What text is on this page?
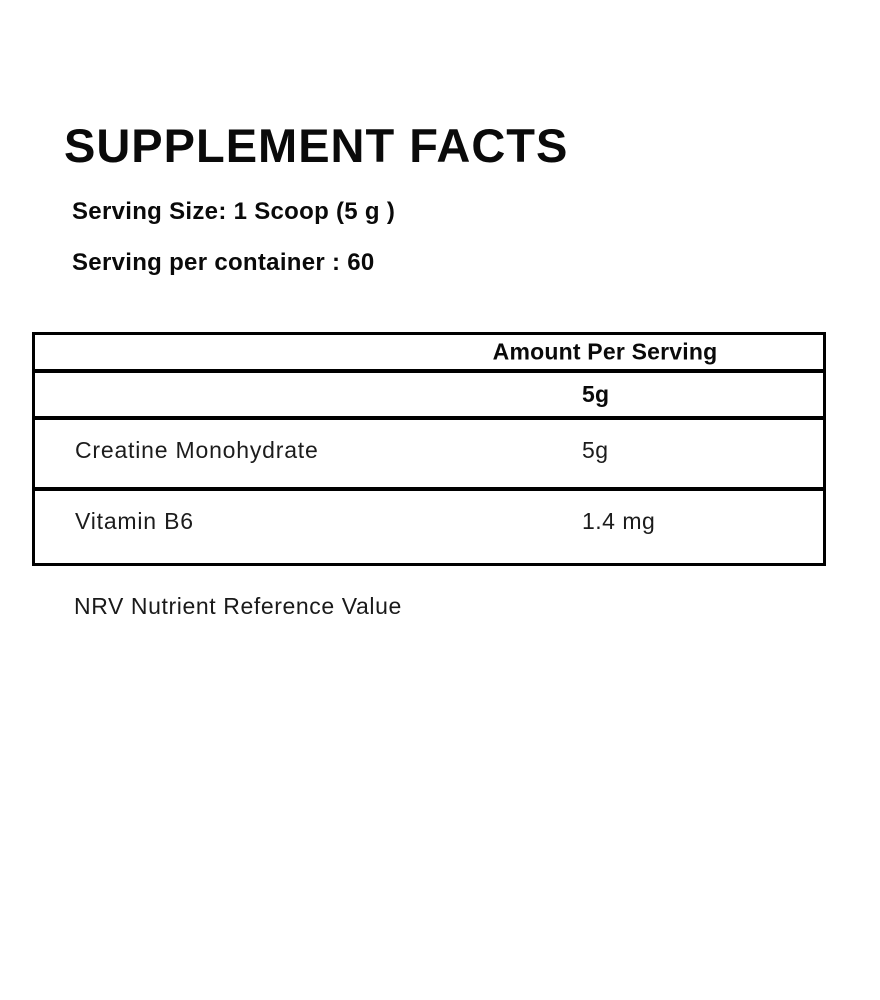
SUPPLEMENT FACTS
Serving Size: 1 Scoop (5 g )
Serving per container : 60
Amount Per Serving
5g
Creatine Monohydrate	5g
Vitamin B6	1.4 mg
NRV Nutrient Reference Value
